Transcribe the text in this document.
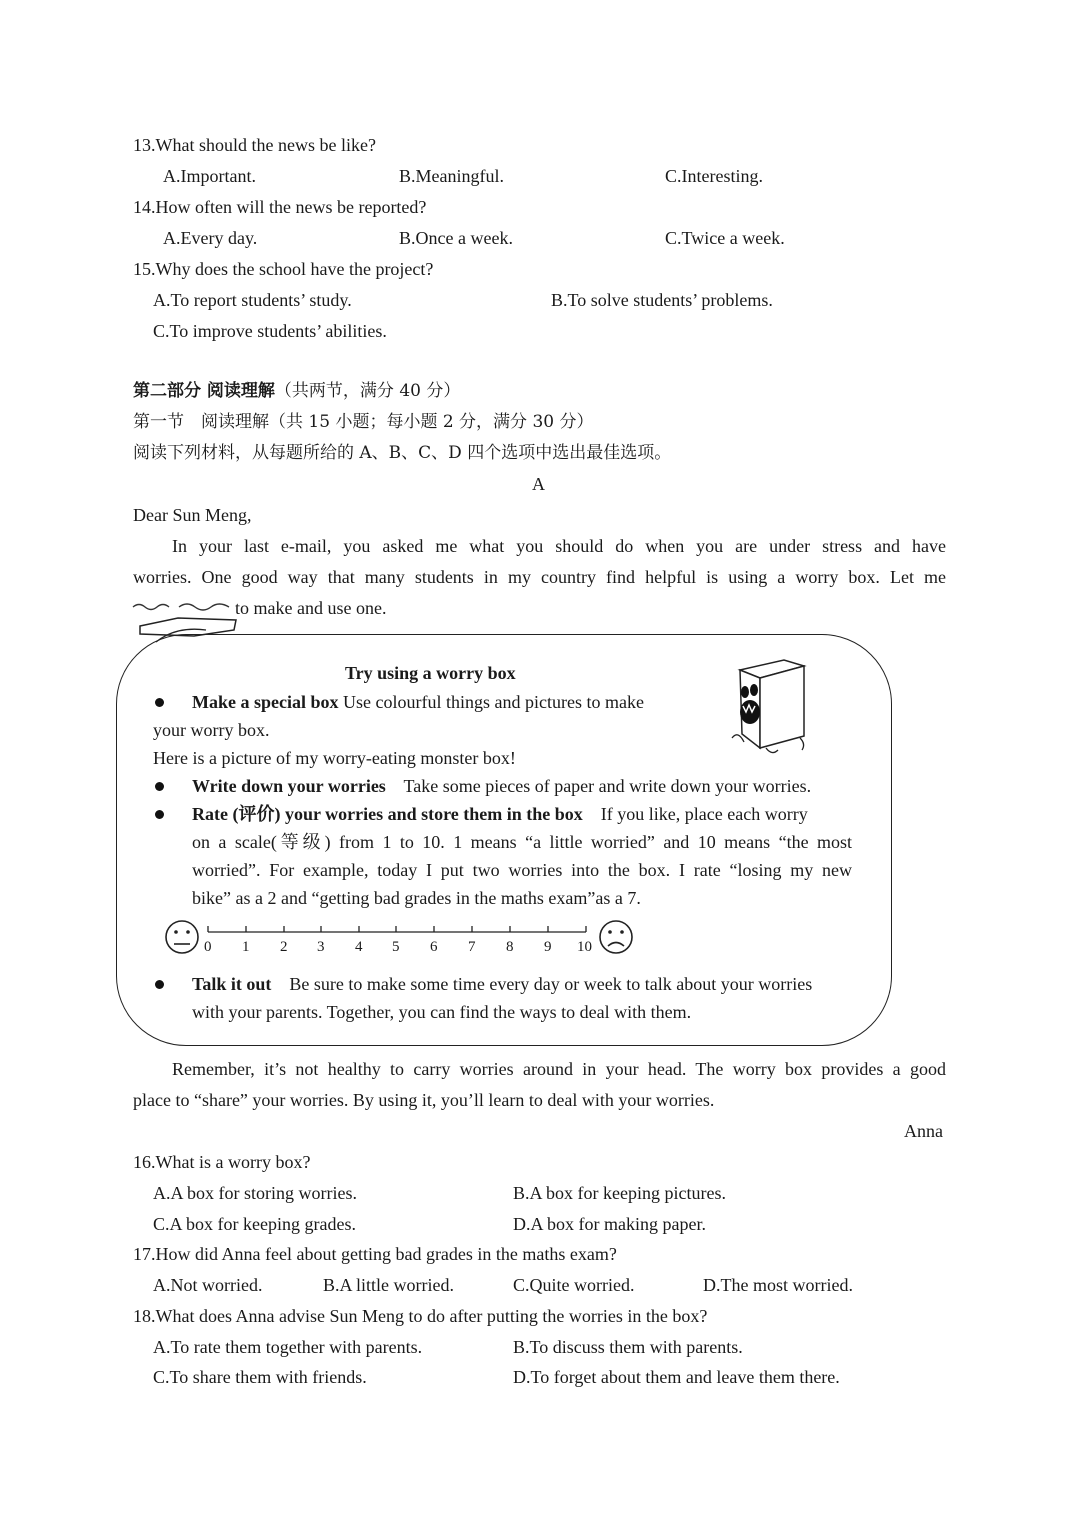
13.What should the news be like?
A.Important.	B.Meaningful.	C.Interesting.
14.How often will the news be reported?
A.Every day.	B.Once a week.	C.Twice a week.
15.Why does the school have the project?
A.To report students’ study.	B.To solve students’ problems.
C.To improve students’ abilities.
第二部分 阅读理解（共两节，满分 40 分）
第一节　阅读理解（共 15 小题；每小题 2 分，满分 30 分）
阅读下列材料，从每题所给的 A、B、C、D 四个选项中选出最佳选项。
A
Dear Sun Meng,
In your last e-mail, you asked me what you should do when you are under stress and have
worries. One good way that many students in my country find helpful is using a worry box. Let me
to make and use one.
Try using a worry box
Make a special box Use colourful things and pictures to make
your worry box.
Here is a picture of my worry-eating monster box!
Write down your worries Take some pieces of paper and write down your worries.
Rate (评价) your worries and store them in the box If you like, place each worry
on a scale(等级) from 1 to 10. 1 means “a little worried” and 10 means “the most
worried”. For example, today I put two worries into the box. I rate “losing my new
bike” as a 2 and “getting bad grades in the maths exam”as a 7.
0 1 2 3 4 5 6 7 8 9 10
Talk it out Be sure to make some time every day or week to talk about your worries
with your parents. Together, you can find the ways to deal with them.
Remember, it’s not healthy to carry worries around in your head. The worry box provides a good
place to “share” your worries. By using it, you’ll learn to deal with your worries.
Anna
16.What is a worry box?
A.A box for storing worries.	B.A box for keeping pictures.
C.A box for keeping grades.	D.A box for making paper.
17.How did Anna feel about getting bad grades in the maths exam?
A.Not worried.	B.A little worried.	C.Quite worried.	D.The most worried.
18.What does Anna advise Sun Meng to do after putting the worries in the box?
A.To rate them together with parents.	B.To discuss them with parents.
C.To share them with friends.	D.To forget about them and leave them there.
